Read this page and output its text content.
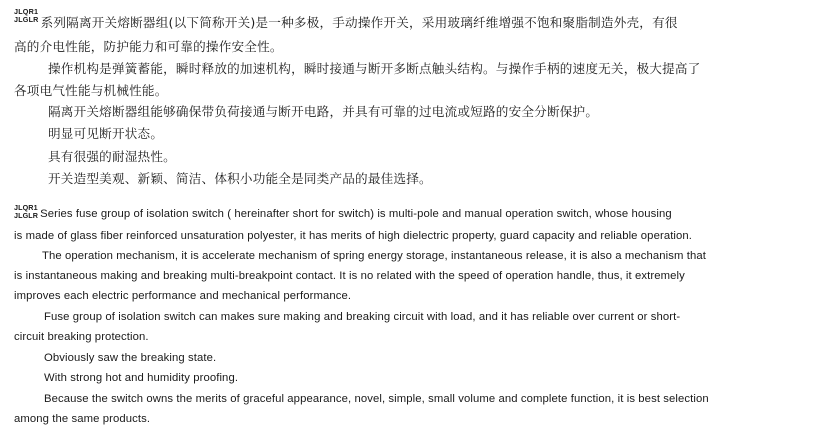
JLQR1
JLGLR 系列隔离开关熔断器组(以下简称开关)是一种多极，手动操作开关，采用玻璃纤维增强不饱和聚脂制造外壳，有很
高的介电性能，防护能力和可靠的操作安全性。
操作机构是弹簧蓄能，瞬时释放的加速机构，瞬时接通与断开多断点触头结构。与操作手柄的速度无关，极大提高了
各项电气性能与机械性能。
隔离开关熔断器组能够确保带负荷接通与断开电路，并具有可靠的过电流或短路的安全分断保护。
明显可见断开状态。
具有很强的耐湿热性。
开关造型美观、新颖、简洁、体积小功能全是同类产品的最佳选择。
JLQR1
JLGLR Series fuse group of isolation switch ( hereinafter short for switch) is multi-pole and manual operation switch, whose housing
is made of glass fiber reinforced unsaturation polyester, it has merits of high dielectric property, guard capacity and reliable operation.
The operation mechanism, it is accelerate mechanism of spring energy storage, instantaneous release, it is also a mechanism that
is instantaneous making and breaking multi-breakpoint contact. It is no related with the speed of operation handle, thus, it extremely
improves each electric performance and mechanical performance.
Fuse group of isolation switch can makes sure making and breaking circuit with load, and it has reliable over current or short-
circuit breaking protection.
Obviously saw the breaking state.
With strong hot and humidity proofing.
Because the switch owns the merits of graceful appearance, novel, simple, small volume and complete function, it is best selection
among the same products.
